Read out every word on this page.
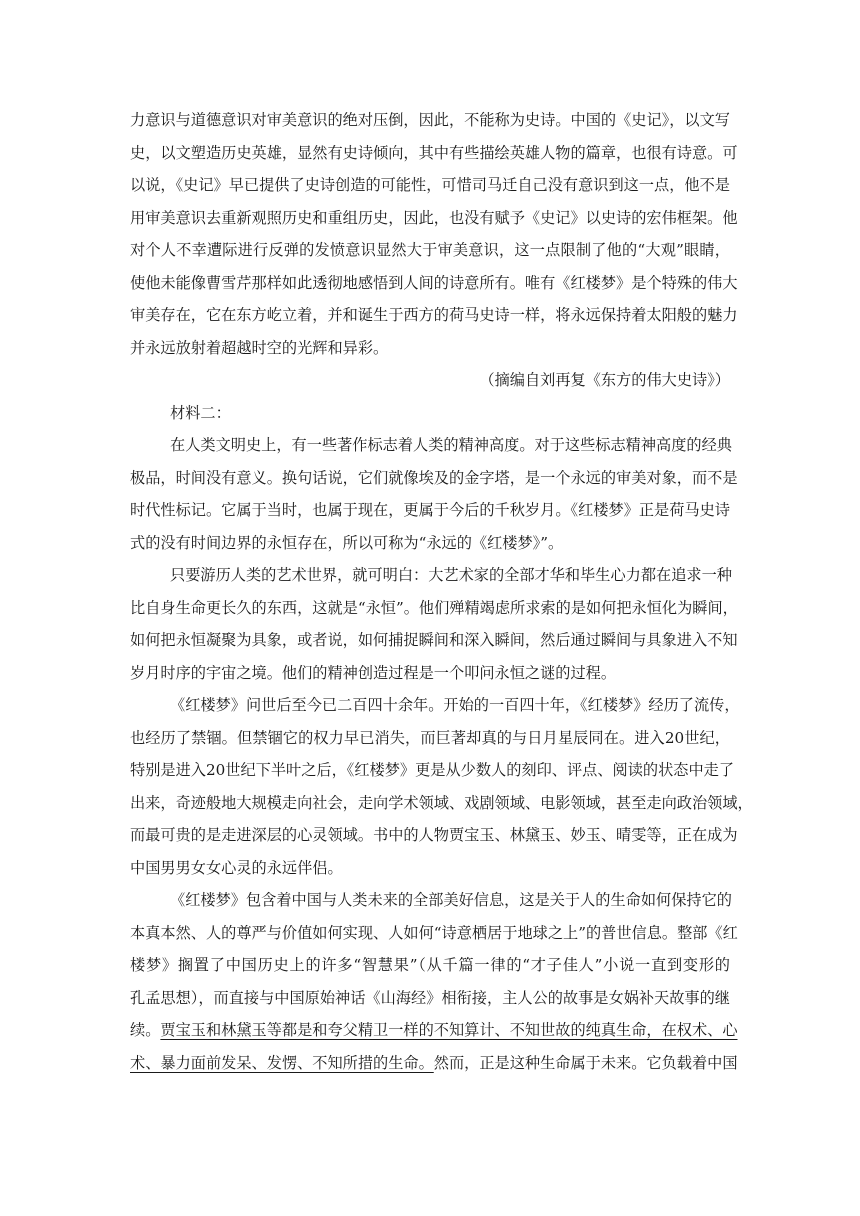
力意识与道德意识对审美意识的绝对压倒，因此，不能称为史诗。中国的《史记》，以文写
史，以文塑造历史英雄，显然有史诗倾向，其中有些描绘英雄人物的篇章，也很有诗意。可
以说，《史记》早已提供了史诗创造的可能性，可惜司马迁自己没有意识到这一点，他不是
用审美意识去重新观照历史和重组历史，因此，也没有赋予《史记》以史诗的宏伟框架。他
对个人不幸遭际进行反弹的发愤意识显然大于审美意识，这一点限制了他的“大观”眼睛，
使他未能像曹雪芹那样如此透彻地感悟到人间的诗意所有。唯有《红楼梦》是个特殊的伟大
审美存在，它在东方屹立着，并和诞生于西方的荷马史诗一样，将永远保持着太阳般的魅力
并永远放射着超越时空的光辉和异彩。
（摘编自刘再复《东方的伟大史诗》）
材料二：
在人类文明史上，有一些著作标志着人类的精神高度。对于这些标志精神高度的经典
极品，时间没有意义。换句话说，它们就像埃及的金字塔，是一个永远的审美对象，而不是
时代性标记。它属于当时，也属于现在，更属于今后的千秋岁月。《红楼梦》正是荷马史诗
式的没有时间边界的永恒存在，所以可称为“永远的《红楼梦》”。
只要游历人类的艺术世界，就可明白：大艺术家的全部才华和毕生心力都在追求一种
比自身生命更长久的东西，这就是“永恒”。他们殚精竭虑所求索的是如何把永恒化为瞬间，
如何把永恒凝聚为具象，或者说，如何捕捉瞬间和深入瞬间，然后通过瞬间与具象进入不知
岁月时序的宇宙之境。他们的精神创造过程是一个叩问永恒之谜的过程。
《红楼梦》问世后至今已二百四十余年。开始的一百四十年，《红楼梦》经历了流传，
也经历了禁锢。但禁锢它的权力早已消失，而巨著却真的与日月星辰同在。进入20世纪，
特别是进入20世纪下半叶之后，《红楼梦》更是从少数人的刻印、评点、阅读的状态中走了
出来，奇迹般地大规模走向社会，走向学术领域、戏剧领域、电影领域，甚至走向政治领域，
而最可贵的是走进深层的心灵领域。书中的人物贾宝玉、林黛玉、妙玉、晴雯等，正在成为
中国男男女女心灵的永远伴侣。
《红楼梦》包含着中国与人类未来的全部美好信息，这是关于人的生命如何保持它的
本真本然、人的尊严与价值如何实现、人如何“诗意栖居于地球之上”的普世信息。整部《红
楼梦》搁置了中国历史上的许多“智慧果”（从千篇一律的“才子佳人”小说一直到变形的
孔孟思想），而直接与中国原始神话《山海经》相衔接，主人公的故事是女娲补天故事的继
续。贾宝玉和林黛玉等都是和夸父精卫一样的不知算计、不知世故的纯真生命，在权术、心
术、暴力面前发呆、发愣、不知所措的生命。然而，正是这种生命属于未来。它负载着中国
